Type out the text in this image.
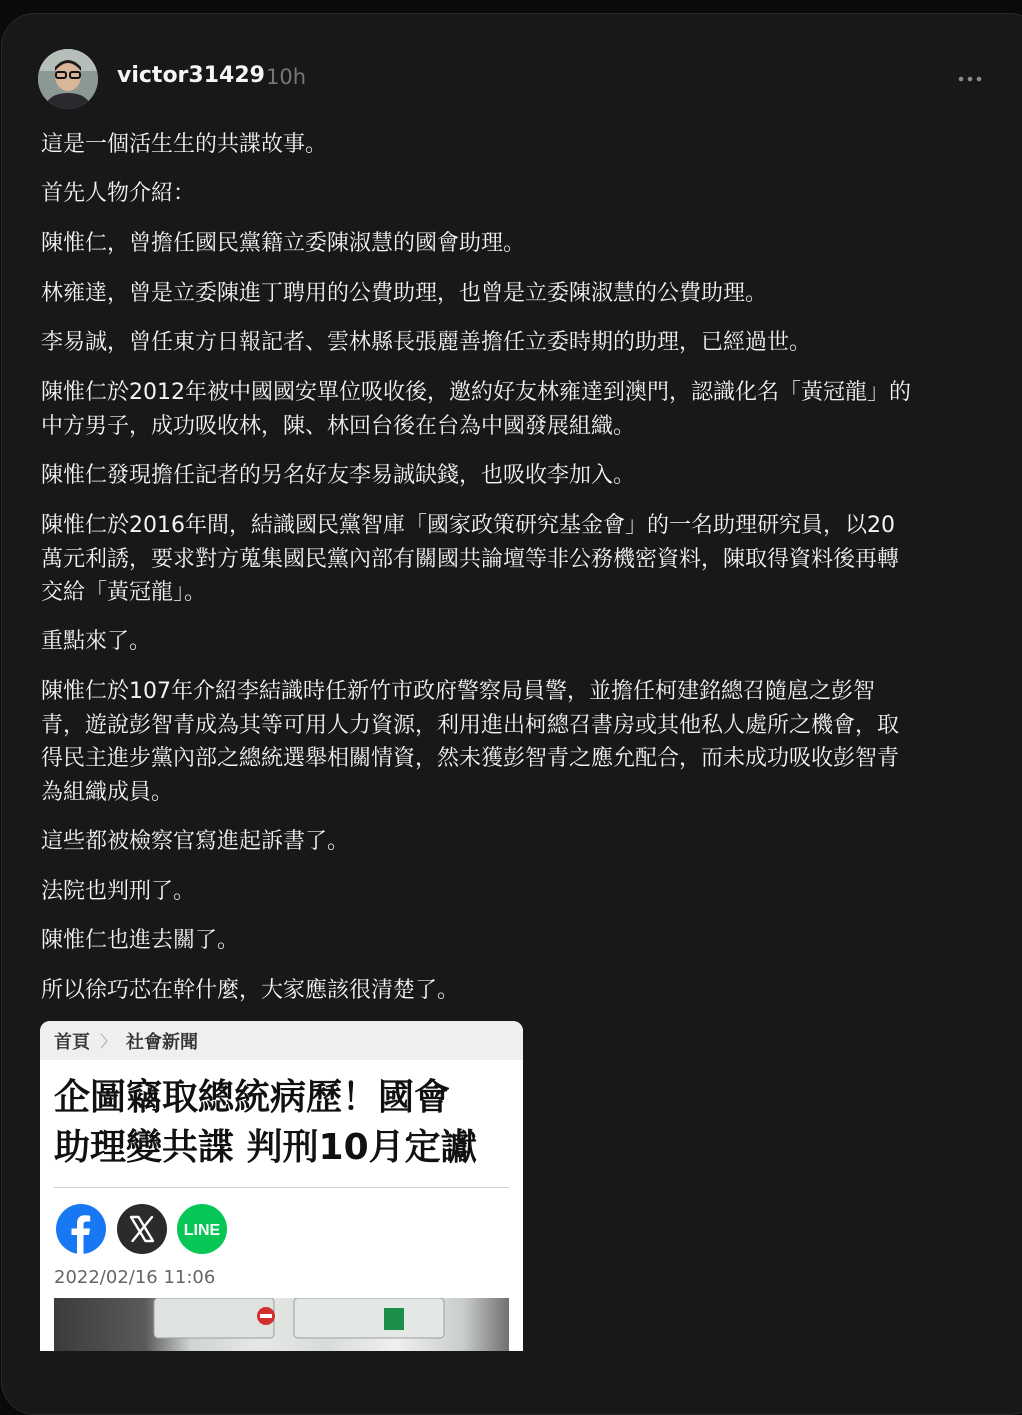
victor31429 10h
這是一個活生生的共諜故事。
首先人物介紹：
陳惟仁，曾擔任國民黨籍立委陳淑慧的國會助理。
林雍達，曾是立委陳進丁聘用的公費助理，也曾是立委陳淑慧的公費助理。
李易誠，曾任東方日報記者、雲林縣長張麗善擔任立委時期的助理，已經過世。
陳惟仁於2012年被中國國安單位吸收後，邀約好友林雍達到澳門，認識化名「黃冠龍」的
中方男子，成功吸收林，陳、林回台後在台為中國發展組織。
陳惟仁發現擔任記者的另名好友李易誠缺錢，也吸收李加入。
陳惟仁於2016年間，結識國民黨智庫「國家政策研究基金會」的一名助理研究員，以20
萬元利誘，要求對方蒐集國民黨內部有關國共論壇等非公務機密資料，陳取得資料後再轉
交給「黃冠龍」。
重點來了。
陳惟仁於107年介紹李結識時任新竹市政府警察局員警，並擔任柯建銘總召隨扈之彭智
青，遊說彭智青成為其等可用人力資源，利用進出柯總召書房或其他私人處所之機會，取
得民主進步黨內部之總統選舉相關情資，然未獲彭智青之應允配合，而未成功吸收彭智青
為組織成員。
這些都被檢察官寫進起訴書了。
法院也判刑了。
陳惟仁也進去關了。
所以徐巧芯在幹什麼，大家應該很清楚了。
首頁 〉 社會新聞
企圖竊取總統病歷！國會
助理變共諜 判刑10月定讞
LINE
2022/02/16 11:06
